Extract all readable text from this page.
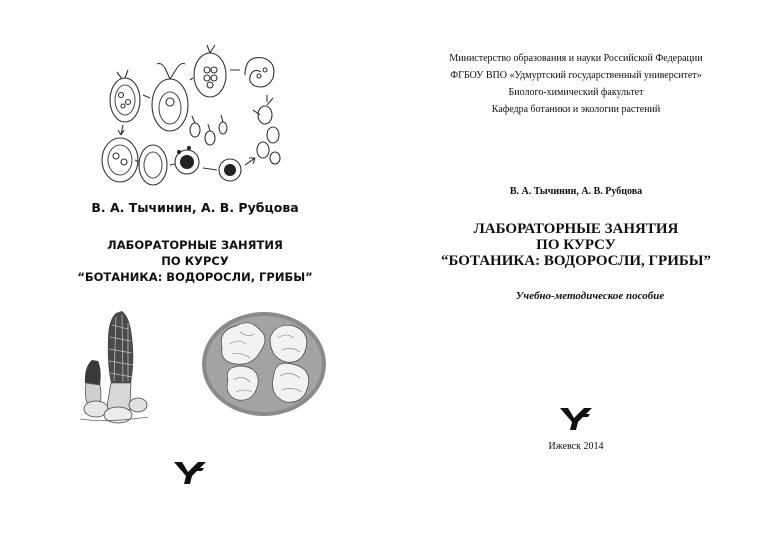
В. А. Тычинин, А. В. Рубцова
ЛАБОРАТОРНЫЕ ЗАНЯТИЯ
ПО КУРСУ
“БОТАНИКА: ВОДОРОСЛИ, ГРИБЫ”
Министерство образования и науки Российской Федерации
ФГБОУ ВПО «Удмуртский государственный университет»
Биолого-химический факультет
Кафедра ботаники и экологии растений
В. А. Тычинин, А. В. Рубцова
ЛАБОРАТОРНЫЕ ЗАНЯТИЯ
ПО КУРСУ
“БОТАНИКА: ВОДОРОСЛИ, ГРИБЫ”
Учебно-методическое пособие
Ижевск 2014
